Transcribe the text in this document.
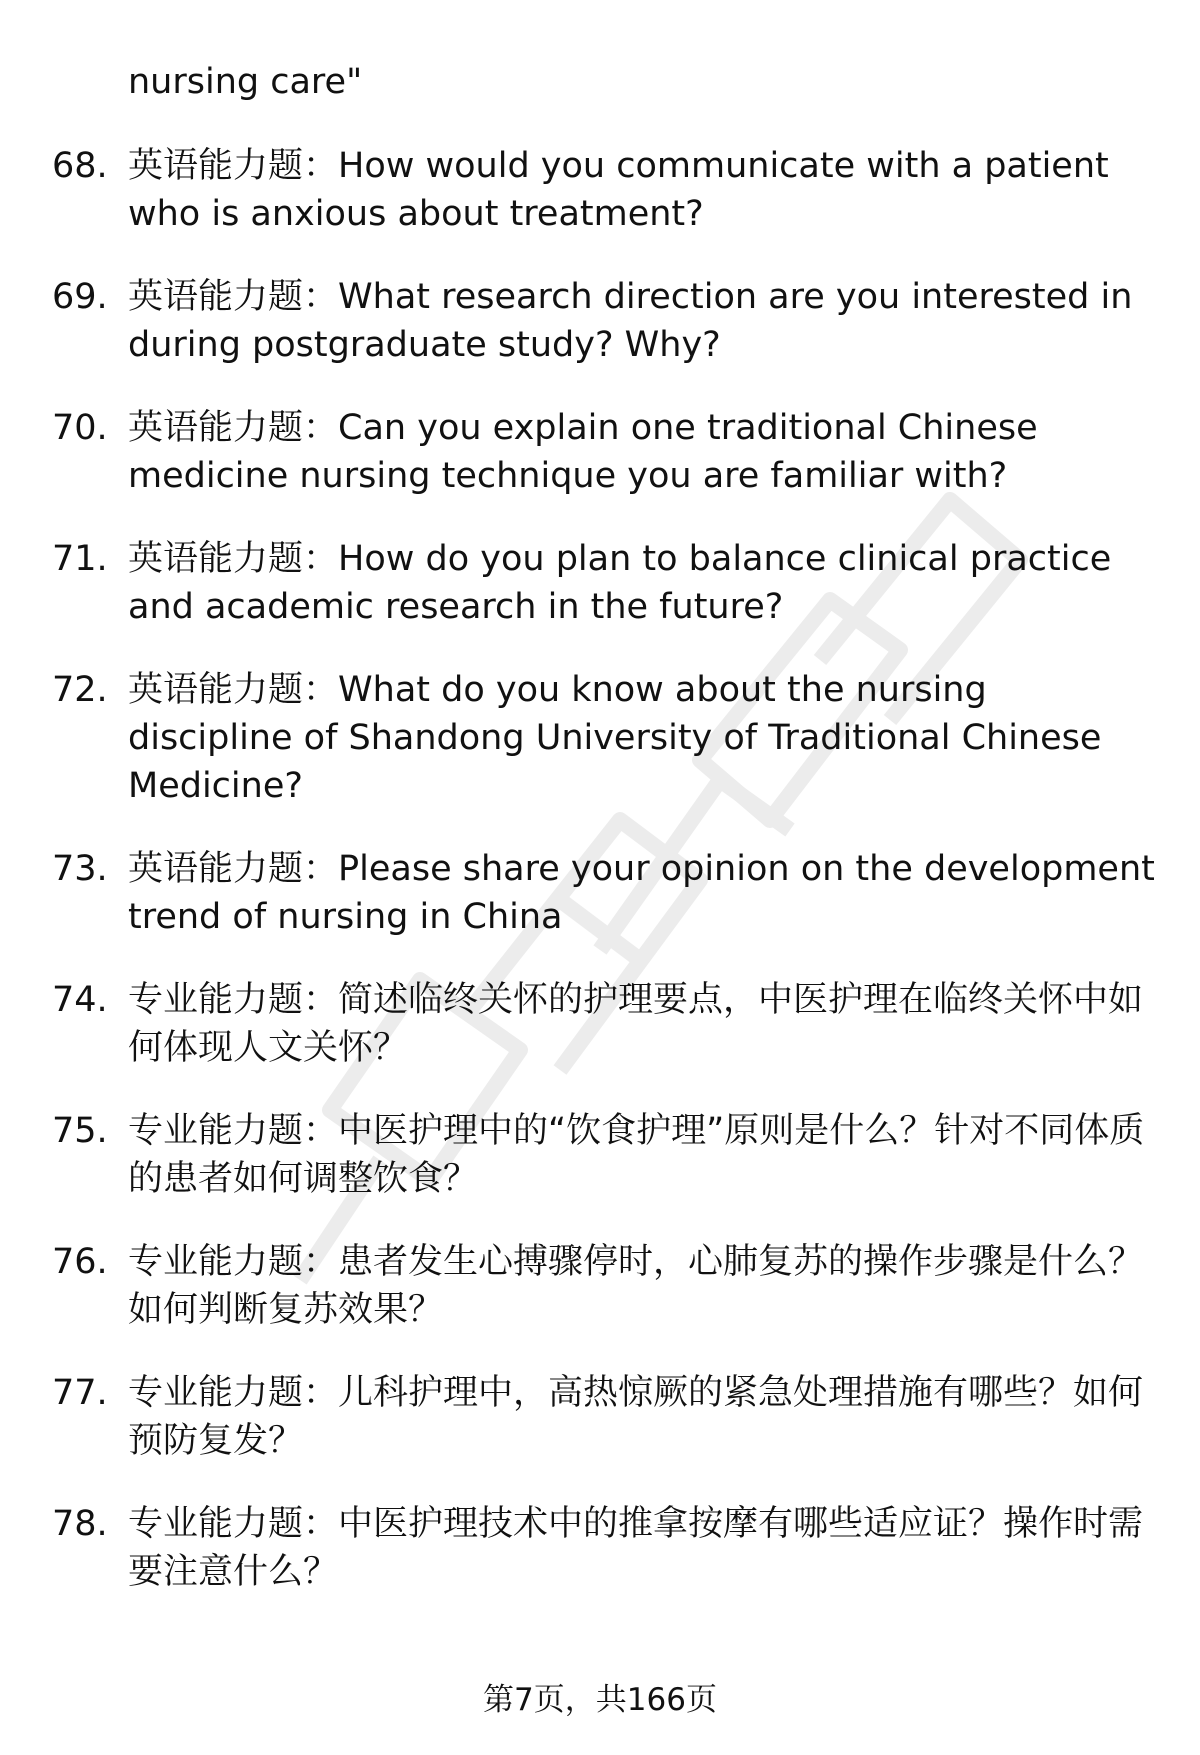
nursing care"

68. 英语能力题：How would you communicate with a patient who is anxious about treatment?
69. 英语能力题：What research direction are you interested in during postgraduate study? Why?
70. 英语能力题：Can you explain one traditional Chinese medicine nursing technique you are familiar with?
71. 英语能力题：How do you plan to balance clinical practice and academic research in the future?
72. 英语能力题：What do you know about the nursing discipline of Shandong University of Traditional Chinese Medicine?
73. 英语能力题：Please share your opinion on the development trend of nursing in China
74. 专业能力题：简述临终关怀的护理要点，中医护理在临终关怀中如何体现人文关怀？
75. 专业能力题：中医护理中的“饮食护理”原则是什么？针对不同体质的患者如何调整饮食？
76. 专业能力题：患者发生心搏骤停时，心肺复苏的操作步骤是什么？如何判断复苏效果？
77. 专业能力题：儿科护理中，高热惊厥的紧急处理措施有哪些？如何预防复发？
78. 专业能力题：中医护理技术中的推拿按摩有哪些适应证？操作时需要注意什么？
第7页，共166页
